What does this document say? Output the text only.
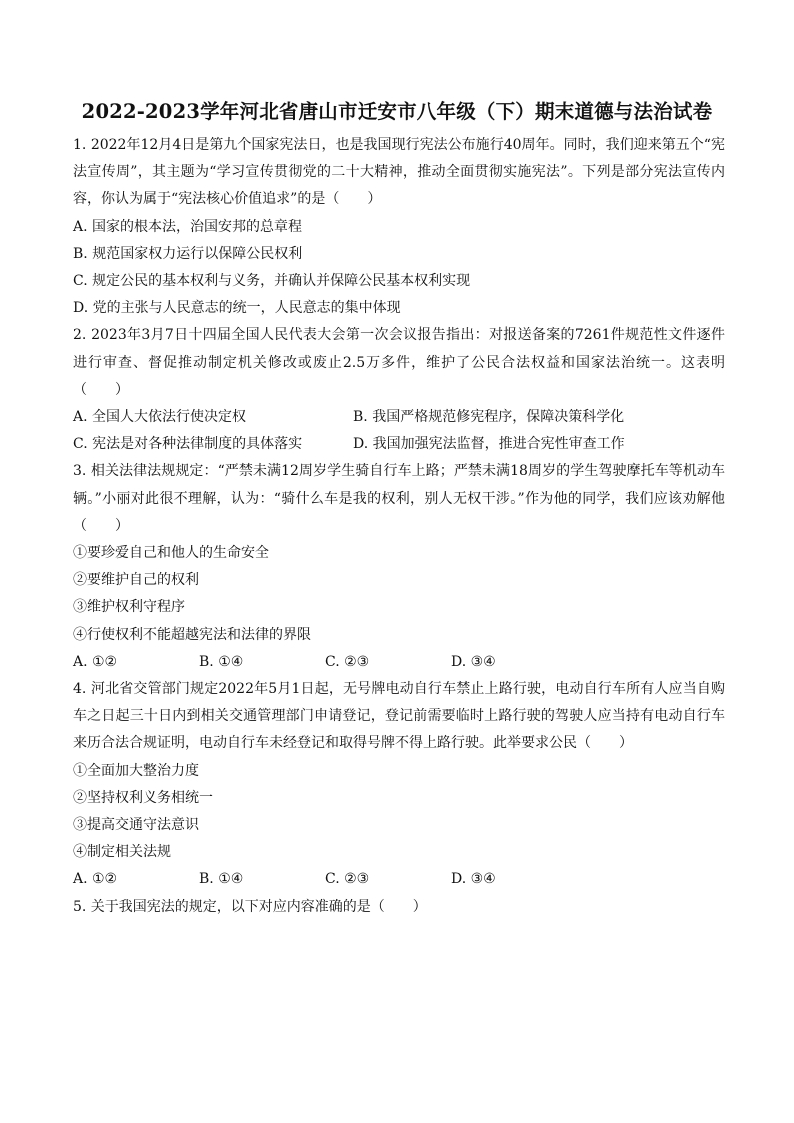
2022-2023学年河北省唐山市迁安市八年级（下）期末道德与法治试卷
1. 2022年12月4日是第九个国家宪法日，也是我国现行宪法公布施行40周年。同时，我们迎来第五个“宪法宣传周”，其主题为“学习宣传贯彻党的二十大精神，推动全面贯彻实施宪法”。下列是部分宪法宣传内容，你认为属于“宪法核心价值追求”的是（　　）
A. 国家的根本法，治国安邦的总章程
B. 规范国家权力运行以保障公民权利
C. 规定公民的基本权利与义务，并确认并保障公民基本权利实现
D. 党的主张与人民意志的统一，人民意志的集中体现
2. 2023年3月7日十四届全国人民代表大会第一次会议报告指出：对报送备案的7261件规范性文件逐件进行审查、督促推动制定机关修改或废止2.5万多件，维护了公民合法权益和国家法治统一。这表明（　　）
A. 全国人大依法行使决定权	B. 我国严格规范修宪程序，保障决策科学化
C. 宪法是对各种法律制度的具体落实	D. 我国加强宪法监督，推进合宪性审查工作
3. 相关法律法规规定：“严禁未满12周岁学生骑自行车上路；严禁未满18周岁的学生驾驶摩托车等机动车辆。”小丽对此很不理解，认为：“骑什么车是我的权利，别人无权干涉。”作为他的同学，我们应该劝解他（　　）
①要珍爱自己和他人的生命安全
②要维护自己的权利
③维护权利守程序
④行使权利不能超越宪法和法律的界限
A. ①②	B. ①④	C. ②③	D. ③④
4. 河北省交管部门规定2022年5月1日起，无号牌电动自行车禁止上路行驶，电动自行车所有人应当自购车之日起三十日内到相关交通管理部门申请登记，登记前需要临时上路行驶的驾驶人应当持有电动自行车来历合法合规证明，电动自行车未经登记和取得号牌不得上路行驶。此举要求公民（　　）
①全面加大整治力度
②坚持权利义务相统一
③提高交通守法意识
④制定相关法规
A. ①②	B. ①④	C. ②③	D. ③④
5. 关于我国宪法的规定，以下对应内容准确的是（　　）
